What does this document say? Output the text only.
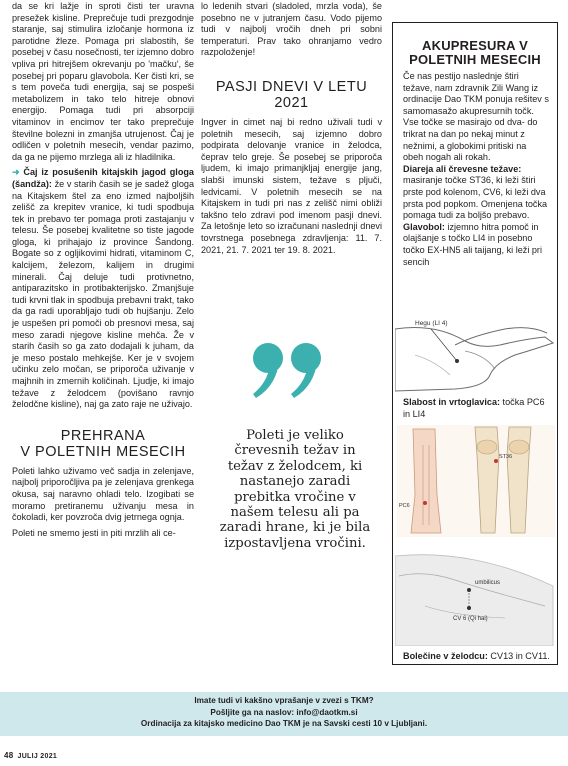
da se kri lažje in sproti čisti ter uravna presežek kisline. Preprečuje tudi prezgodnje staranje, saj stimulira izločanje hormona iz parotidne žleze. Pomaga pri slabostih, še posebej v času nosečnosti, ter izjemno dobro vpliva pri hitrejšem okrevanju po 'mačku', še posebej pri poparu glavobola. Ker čisti kri, se s tem poveča tudi energija, saj se pospeši metabolizem in tako telo hitreje obnovi energijo. Pomaga tudi pri absorpciji vitaminov in encimov ter tako preprečuje številne bolezni in zmanjša utrujenost. Čaj je odličen v poletnih mesecih, vendar pazimo, da ga ne pijemo mrzlega ali iz hladilnika.

➜ Čaj iz posušenih kitajskih jagod gloga (šandža): že v starih časih se je sadež gloga na Kitajskem štel za eno izmed najboljših zelišč za krepitev vranice, ki tudi spodbuja tek in prebavo ter pomaga proti zastajanju v telesu. Še posebej kvalitetne so tiste jagode gloga, ki prihajajo iz province Šandong. Bogate so z ogljikovimi hidrati, vitaminom C, kalcijem, železom, kalijem in drugimi minerali. Čaj deluje tudi protivnetno, antiparazitsko in protibakterijsko. Zmanjšuje tudi krvni tlak in spodbuja prebavni trakt, tako da ga radi uporabljajo tudi ob hujšanju. Zelo je uspešen pri pomoči ob presnovi mesa, saj meso zaradi njegove kisline mehča. Že v starih časih so ga zato dodajali k juham, da je meso postalo mehkejše. Ker je v svojem učinku zelo močan, se priporoča uživanje v majhnih in zmernih količinah. Ljudje, ki imajo težave z želodcem (povišano ravnjo želodčne kisline), naj ga zato raje ne uživajo.

PREHRANA
V POLETNIH MESECIH

Poleti lahko uživamo več sadja in zelenjave, najbolj priporočljiva pa je zelenjava grenkega okusa, saj naravno ohladi telo. Izogibati se moramo pretiranemu uživanju mesa in čokoladi, ker povzroča dvig jetrnega ognja.

Poleti ne smemo jesti in piti mrzlih ali ce-

lo ledenih stvari (sladoled, mrzla voda), še posebno ne v jutranjem času. Vodo pijemo tudi v najbolj vročih dneh pri sobni temperaturi. Prav tako ohranjamo vedro razpoloženje!

PASJI DNEVI V LETU
2021

Ingver in cimet naj bi redno uživali tudi v poletnih mesecih, saj izjemno dobro podpirata delovanje vranice in želodca, čeprav telo greje. Še posebej se priporoča ljudem, ki imajo primanjkljaj energije jang, slabši imunski sistem, težave s pljuči, ledvicami. V poletnih mesecih se na Kitajskem in tudi pri nas z zelišč nimi obliži takšno telo zdravi pod imenom pasji dnevi. Za letošnje leto so izračunani naslednji dnevi tovrstnega posebnega zdravljenja: 11. 7. 2021, 21. 7. 2021 ter 19. 8. 2021.

Poleti je veliko črevesnih težav in težav z želodcem, ki nastanejo zaradi prebitka vročine v našem telesu ali pa zaradi hrane, ki je bila izpostavljena vročini.
AKUPRESURA V
POLETNIH MESECIH

Če nas pestijo naslednje štiri težave, nam zdravnik Zili Wang iz ordinacije Dao TKM ponuja rešitev s samomasažo akupresurnih točk. Vse točke se masirajo od dva- do trikrat na dan po nekaj minut z nežnimi, a globokimi pritiski na obeh nogah ali rokah.

Diareja ali črevesne težave: masiranje točke ST36, ki leži štiri prste pod kolenom, CV6, ki leži dva prsta pod popkom. Omenjena točka pomaga tudi za boljšo prebavo.

Glavobol: izjemno hitra pomoč in olajšanje s točko LI4 in posebno točko EX-HN5 ali taijang, ki leži pri sencih

Hegu (LI 4)
Slabost in vrtoglavica: točka PC6 in LI4
PC6
ST36
umbilicus
CV 6 (Qi hai)
Bolečine v želodcu: CV13 in CV11.
Imate tudi vi kakšno vprašanje v zvezi s TKM?
Pošljite ga na naslov: info@daotkm.si
Ordinacija za kitajsko medicino Dao TKM je na Savski cesti 10 v Ljubljani.
48 JULIJ 2021
